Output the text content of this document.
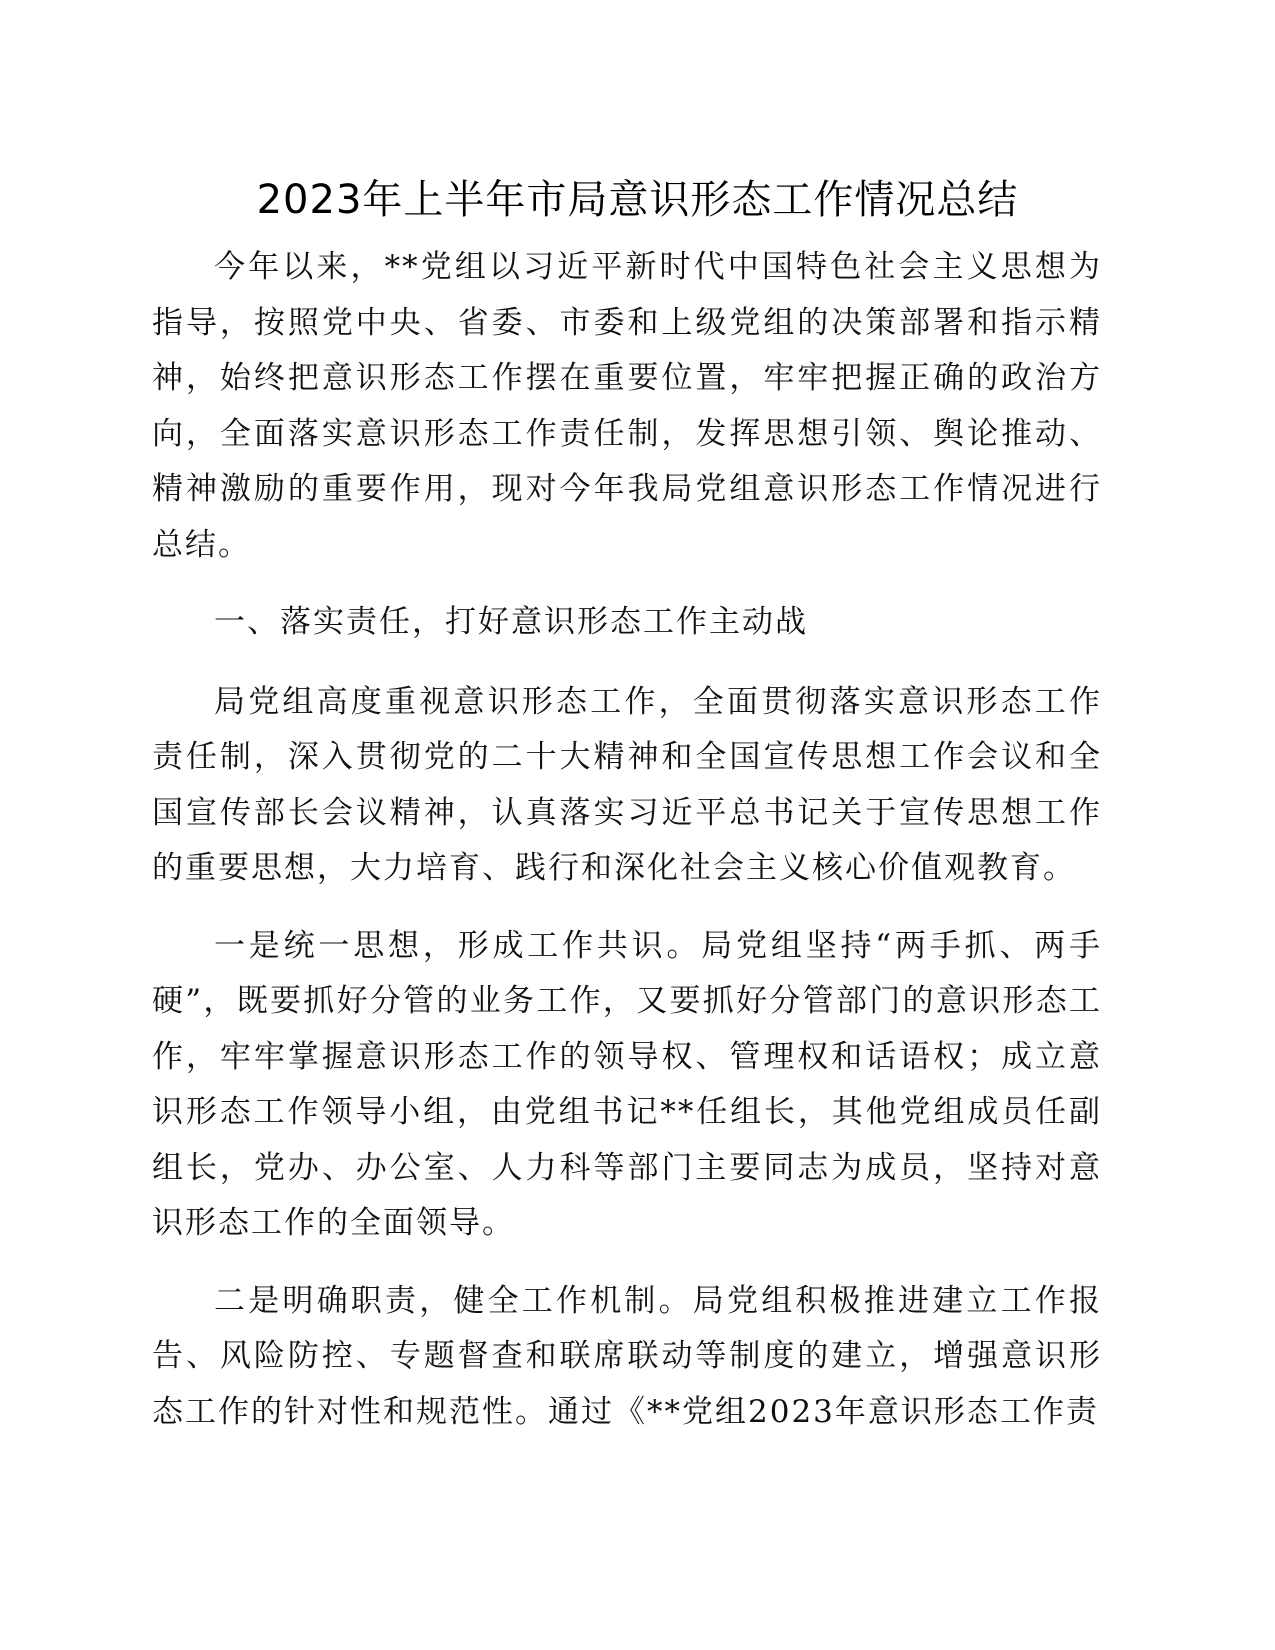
2023年上半年市局意识形态工作情况总结

今年以来，**党组以习近平新时代中国特色社会主义思想为指导，按照党中央、省委、市委和上级党组的决策部署和指示精神，始终把意识形态工作摆在重要位置，牢牢把握正确的政治方向，全面落实意识形态工作责任制，发挥思想引领、舆论推动、精神激励的重要作用，现对今年我局党组意识形态工作情况进行总结。

一、落实责任，打好意识形态工作主动战

局党组高度重视意识形态工作，全面贯彻落实意识形态工作责任制，深入贯彻党的二十大精神和全国宣传思想工作会议和全国宣传部长会议精神，认真落实习近平总书记关于宣传思想工作的重要思想，大力培育、践行和深化社会主义核心价值观教育。

一是统一思想，形成工作共识。局党组坚持“两手抓、两手硬”，既要抓好分管的业务工作，又要抓好分管部门的意识形态工作，牢牢掌握意识形态工作的领导权、管理权和话语权；成立意识形态工作领导小组，由党组书记**任组长，其他党组成员任副组长，党办、办公室、人力科等部门主要同志为成员，坚持对意识形态工作的全面领导。

二是明确职责，健全工作机制。局党组积极推进建立工作报告、风险防控、专题督查和联席联动等制度的建立，增强意识形态工作的针对性和规范性。通过《**党组2023年意识形态工作责
